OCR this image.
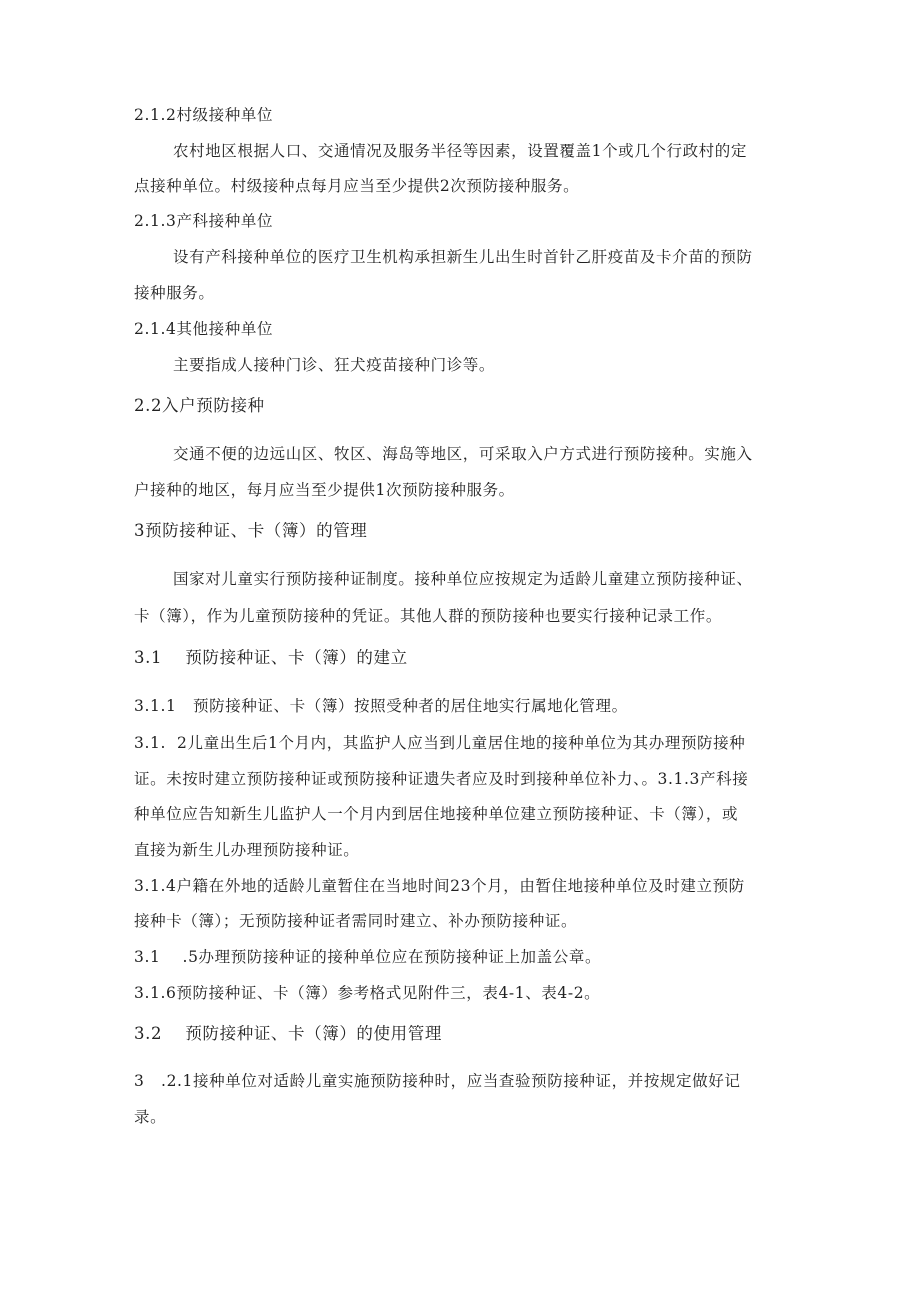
2.1.2村级接种单位
农村地区根据人口、交通情况及服务半径等因素，设置覆盖1个或几个行政村的定
点接种单位。村级接种点每月应当至少提供2次预防接种服务。
2.1.3产科接种单位
设有产科接种单位的医疗卫生机构承担新生儿出生时首针乙肝疫苗及卡介苗的预防
接种服务。
2.1.4其他接种单位
主要指成人接种门诊、狂犬疫苗接种门诊等。
2.2入户预防接种
交通不便的边远山区、牧区、海岛等地区，可采取入户方式进行预防接种。实施入
户接种的地区，每月应当至少提供1次预防接种服务。
3预防接种证、卡（簿）的管理
国家对儿童实行预防接种证制度。接种单位应按规定为适龄儿童建立预防接种证、
卡（簿），作为儿童预防接种的凭证。其他人群的预防接种也要实行接种记录工作。
3.1    预防接种证、卡（簿）的建立
3.1.1   预防接种证、卡（簿）按照受种者的居住地实行属地化管理。
3.1.  2儿童出生后1个月内，其监护人应当到儿童居住地的接种单位为其办理预防接种
证。未按时建立预防接种证或预防接种证遗失者应及时到接种单位补力、。3.1.3产科接
种单位应告知新生儿监护人一个月内到居住地接种单位建立预防接种证、卡（簿），或
直接为新生儿办理预防接种证。
3.1.4户籍在外地的适龄儿童暂住在当地时间23个月，由暂住地接种单位及时建立预防
接种卡（簿）；无预防接种证者需同时建立、补办预防接种证。
3.1    .5办理预防接种证的接种单位应在预防接种证上加盖公章。
3.1.6预防接种证、卡（簿）参考格式见附件三，表4-1、表4-2。
3.2    预防接种证、卡（簿）的使用管理
3   .2.1接种单位对适龄儿童实施预防接种时，应当查验预防接种证，并按规定做好记
录。
